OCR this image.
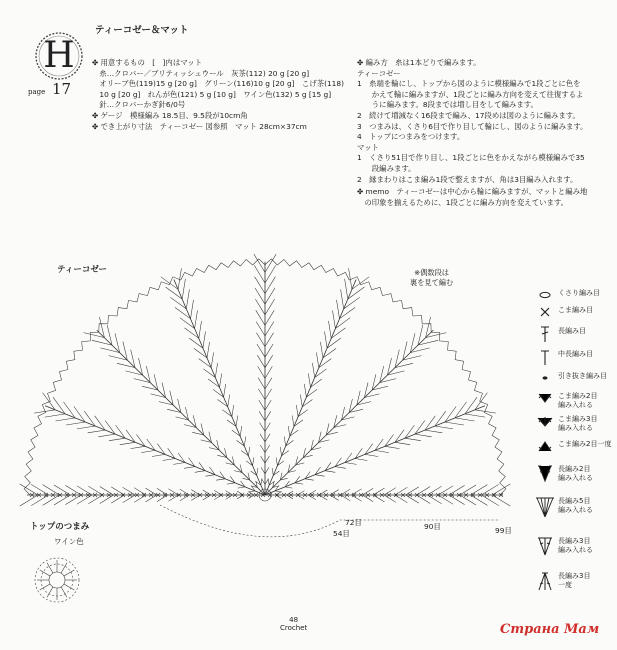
H
page 17
ティーコゼー＆マット
✤ 用意するもの　[　]内はマット
　糸…クロバー／ブリティッシュウール　灰茶(112) 20 g [20 g]
　オリーブ色(119)15 g [20 g]　グリーン(116)10 g [20 g]　こげ茶(118)
　10 g [20 g]　れんが色(121) 5 g [10 g]　ワイン色(132) 5 g [15 g]
　針…クロバーかぎ針6/0号
✤ ゲージ　模様編み 18.5目、9.5段が10cm角
✤ でき上がり寸法　ティーコゼー 図参照　マット 28cm×37cm
✤ 編み方　糸は1本どりで編みます。
ティーコゼー
1　糸端を輪にし、トップから図のように模様編みで1段ごとに色を
　　かえて輪に編みますが、1段ごとに編み方向を変えて往復するよ
　　うに編みます。8段までは増し目をして編みます。
2　続けて増減なく16段まで編み、17段めは図のように編みます。
3　つまみは、くさり6目で作り目して輪にし、図のように編みます。
4　トップにつまみをつけます。
マット
1　くさり51目で作り目し、1段ごとに色をかえながら模様編みで35
　　段編みます。
2　縁まわりはこま編み1段で整えますが、角は3目編み入れます。
✤ memo　ティーコゼーは中心から輪に編みますが、マットと編み地
　の印象を揃えるために、1段ごとに編み方向を変えています。
ティーコゼー	※偶数段は
裏を見て編む
72目	90目
54目	99目
トップのつまみ
ワイン色
くさり編み目
こま編み目
長編み目
中長編み目
引き抜き編み目
こま編み2目
編み入れる
こま編み3目
編み入れる
こま編み2目一度
長編み2目
編み入れる
長編み5目
編み入れる
長編み3目
編み入れる
長編み3目
一度
48
Crochet	Страна Мам
